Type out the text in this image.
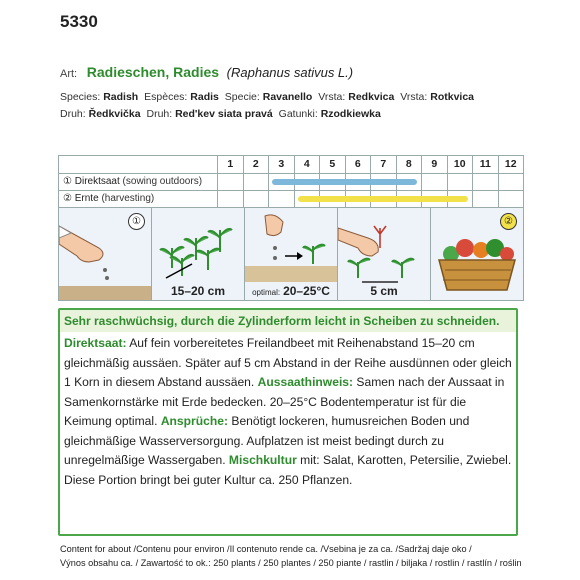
5330
Art: Radieschen, Radies (Raphanus sativus L.)
Species: Radish Espèces: Radis Specie: Ravanello Vrsta: Redkvica Vrsta: Rotkvica
Druh: Ředkvička Druh: Red'kev siata pravá Gatunki: Rzodkiewka
1	2	3	4	5	6	7	8	9	10	11	12
① Direktsaat (sowing outdoors)
② Ernte (harvesting)
①
15–20 cm	optimal: 20–25°C	5 cm
②
Sehr raschwüchsig, durch die Zylinderform leicht in Scheiben zu schneiden.
Direktsaat: Auf fein vorbereitetes Freilandbeet mit Reihenabstand 15–20 cm gleichmäßig aussäen. Später auf 5 cm Abstand in der Reihe ausdünnen oder gleich 1 Korn in diesem Abstand aussäen. Aussaathinweis: Samen nach der Aussaat in Samenkornstärke mit Erde bedecken. 20–25°C Bodentemperatur ist für die Keimung optimal. Ansprüche: Benötigt lockeren, humusreichen Boden und gleichmäßige Wasserversorgung. Aufplatzen ist meist bedingt durch zu unregelmäßige Wassergaben. Mischkultur mit: Salat, Karotten, Petersilie, Zwiebel. Diese Portion bringt bei guter Kultur ca. 250 Pflanzen.
Content for about /Contenu pour environ /Il contenuto rende ca. /Vsebina je za ca. /Sadržaj daje oko /
Výnos obsahu ca. / Zawartość to ok.: 250 plants / 250 plantes / 250 piante / rastlin / biljaka / rostlin / rastlín / roślin
